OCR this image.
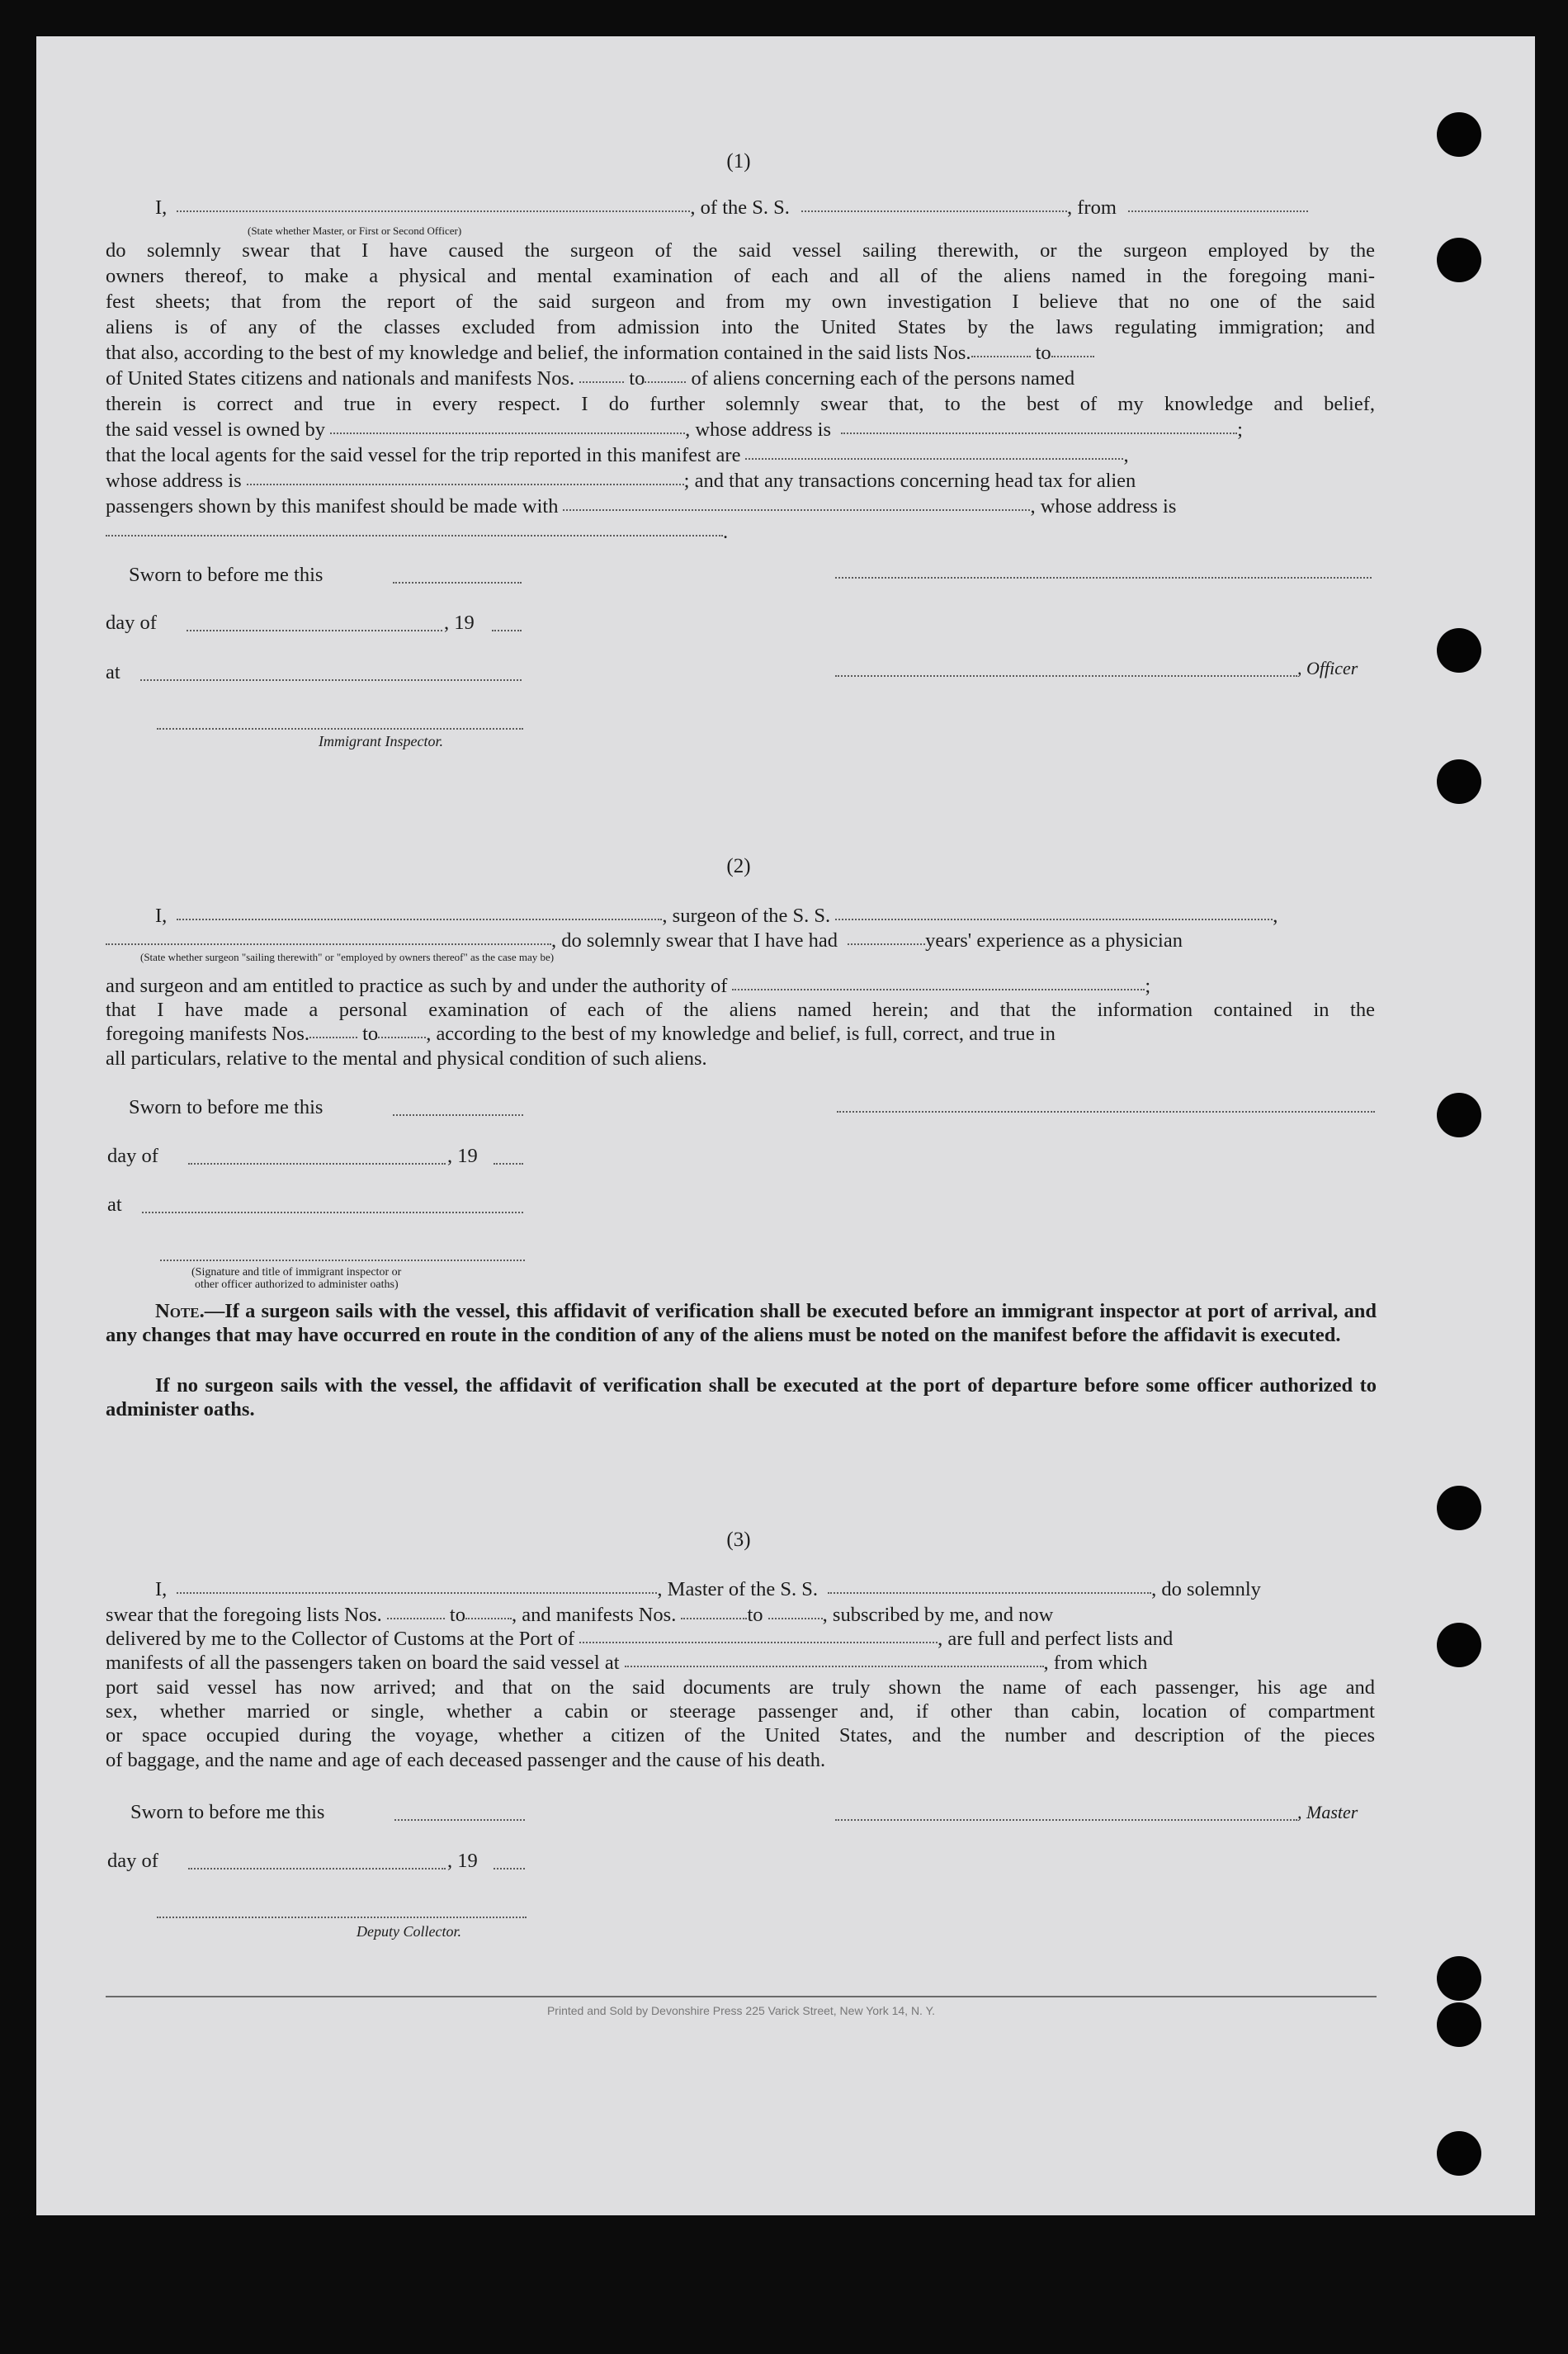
(1)
I,	, of the S. S.	, from
(State whether Master, or First or Second Officer)
do solemnly swear that I have caused the surgeon of the said vessel sailing therewith, or the surgeon employed by the
owners thereof, to make a physical and mental examination of each and all of the aliens named in the foregoing mani-
fest sheets; that from the report of the said surgeon and from my own investigation I believe that no one of the said
aliens is of any of the classes excluded from admission into the United States by the laws regulating immigration; and
that also, according to the best of my knowledge and belief, the information contained in the said lists Nos.	to
of United States citizens and nationals and manifests Nos.	to of aliens concerning each of the persons named
therein is correct and true in every respect. I do further solemnly swear that, to the best of my knowledge and belief,
the said vessel is owned by	, whose address is	;
that the local agents for the said vessel for the trip reported in this manifest are	,
whose address is	; and that any transactions concerning head tax for alien
passengers shown by this manifest should be made with	, whose address is
.
Sworn to before me this
day of	, 19
at	, Officer
Immigrant Inspector.
(2)
I,	, surgeon of the S. S.	,
, do solemnly swear that I have had	years' experience as a physician
(State whether surgeon "sailing therewith" or "employed by owners thereof" as the case may be)
and surgeon and am entitled to practice as such by and under the authority of	;
that I have made a personal examination of each of the aliens named herein; and that the information contained in the
foregoing manifests Nos.	to , according to the best of my knowledge and belief, is full, correct, and true in
all particulars, relative to the mental and physical condition of such aliens.
Sworn to before me this
day of	, 19
at
(Signature and title of immigrant inspector or
other officer authorized to administer oaths)
Note.—If a surgeon sails with the vessel, this affidavit of verification shall be executed before an immigrant inspector at port of arrival, and any changes that may have occurred en route in the condition of any of the aliens must be noted on the manifest before the affidavit is executed.
If no surgeon sails with the vessel, the affidavit of verification shall be executed at the port of departure before some officer authorized to administer oaths.
(3)
I,	, Master of the S. S.	, do solemnly
swear that the foregoing lists Nos.	to , and manifests Nos.	to	, subscribed by me, and now
delivered by me to the Collector of Customs at the Port of	, are full and perfect lists and
manifests of all the passengers taken on board the said vessel at	, from which
port said vessel has now arrived; and that on the said documents are truly shown the name of each passenger, his age and
sex, whether married or single, whether a cabin or steerage passenger and, if other than cabin, location of compartment
or space occupied during the voyage, whether a citizen of the United States, and the number and description of the pieces
of baggage, and the name and age of each deceased passenger and the cause of his death.
Sworn to before me this	, Master
day of	, 19
Deputy Collector.
Printed and Sold by Devonshire Press 225 Varick Street, New York 14, N. Y.
